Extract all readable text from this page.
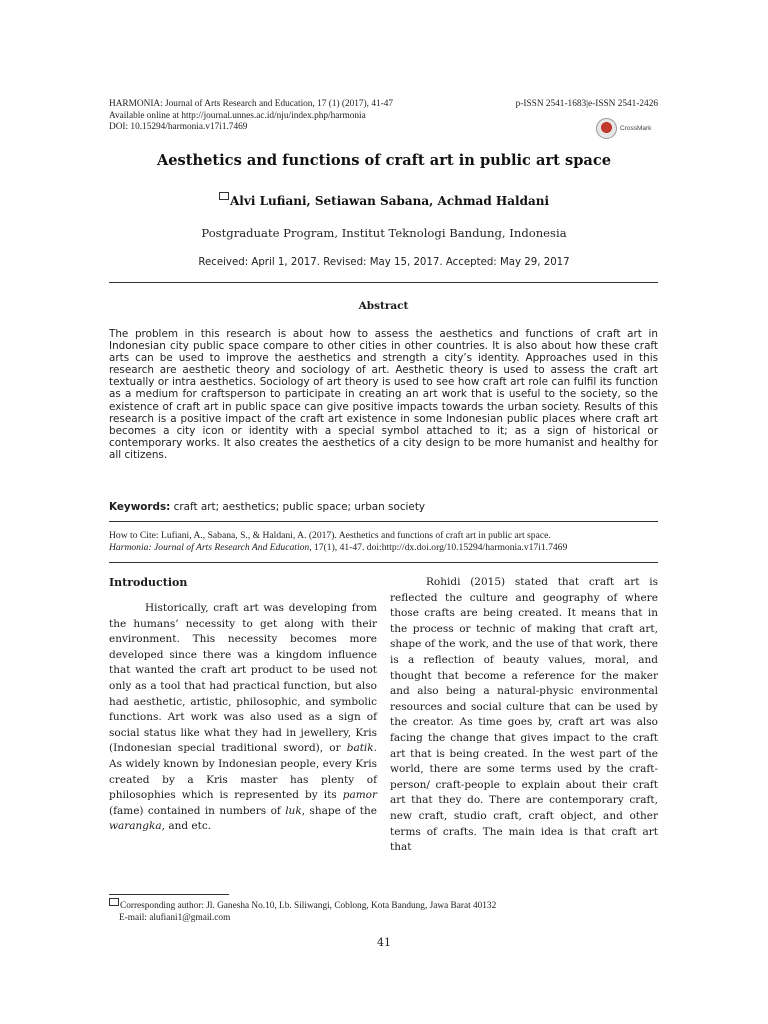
HARMONIA: Journal of Arts Research and Education, 17 (1) (2017), 41-47
Available online at http://journal.unnes.ac.id/nju/index.php/harmonia
DOI: 10.15294/harmonia.v17i1.7469
p-ISSN 2541-1683|e-ISSN 2541-2426
CrossMark
Aesthetics and functions of craft art in public art space
Alvi Lufiani, Setiawan Sabana, Achmad Haldani
Postgraduate Program, Institut Teknologi Bandung, Indonesia
Received: April 1, 2017. Revised: May 15, 2017. Accepted: May 29, 2017
Abstract
The problem in this research is about how to assess the aesthetics and functions of craft art in Indonesian city public space compare to other cities in other countries. It is also about how these craft arts can be used to improve the aesthetics and strength a city’s identity. Approaches used in this research are aesthetic theory and sociology of art. Aesthetic theory is used to assess the craft art textually or intra aesthetics. Sociology of art theory is used to see how craft art role can fulfil its function as a medium for craftsperson to participate in creating an art work that is useful to the society, so the existence of craft art in public space can give positive impacts towards the urban society. Results of this research is a positive impact of the craft art existence in some Indonesian public places where craft art becomes a city icon or identity with a special symbol attached to it; as a sign of historical or contemporary works. It also creates the aesthetics of a city design to be more humanist and healthy for all citizens.
Keywords: craft art; aesthetics; public space; urban society
How to Cite: Lufiani, A., Sabana, S., & Haldani, A. (2017). Aesthetics and functions of craft art in public art space.
Harmonia: Journal of Arts Research And Education, 17(1), 41-47. doi:http://dx.doi.org/10.15294/harmonia.v17i1.7469
Introduction

Historically, craft art was developing from the humans’ necessity to get along with their environment. This necessity becomes more developed since there was a kingdom influence that wanted the craft art product to be used not only as a tool that had practical function, but also had aesthetic, artistic, philosophic, and symbolic functions. Art work was also used as a sign of social status like what they had in jewellery, Kris (Indonesian special traditional sword), or batik. As widely known by Indonesian people, every Kris created by a Kris master has plenty of philosophies which is represented by its pamor (fame) contained in numbers of luk, shape of the warangka, and etc.

Rohidi (2015) stated that craft art is reflected the culture and geography of where those crafts are being created. It means that in the process or technic of making that craft art, shape of the work, and the use of that work, there is a reflection of beauty values, moral, and thought that become a reference for the maker and also being a natural-physic environmental resources and social culture that can be used by the creator. As time goes by, craft art was also facing the change that gives impact to the craft art that is being created. In the west part of the world, there are some terms used by the craft-person/ craft-people to explain about their craft art that they do. There are contemporary craft, new craft, studio craft, craft object, and other terms of crafts. The main idea is that craft art that

Corresponding author: Jl. Ganesha No.10, Lb. Siliwangi, Coblong, Kota Bandung, Jawa Barat 40132
E-mail: alufiani1@gmail.com
41
